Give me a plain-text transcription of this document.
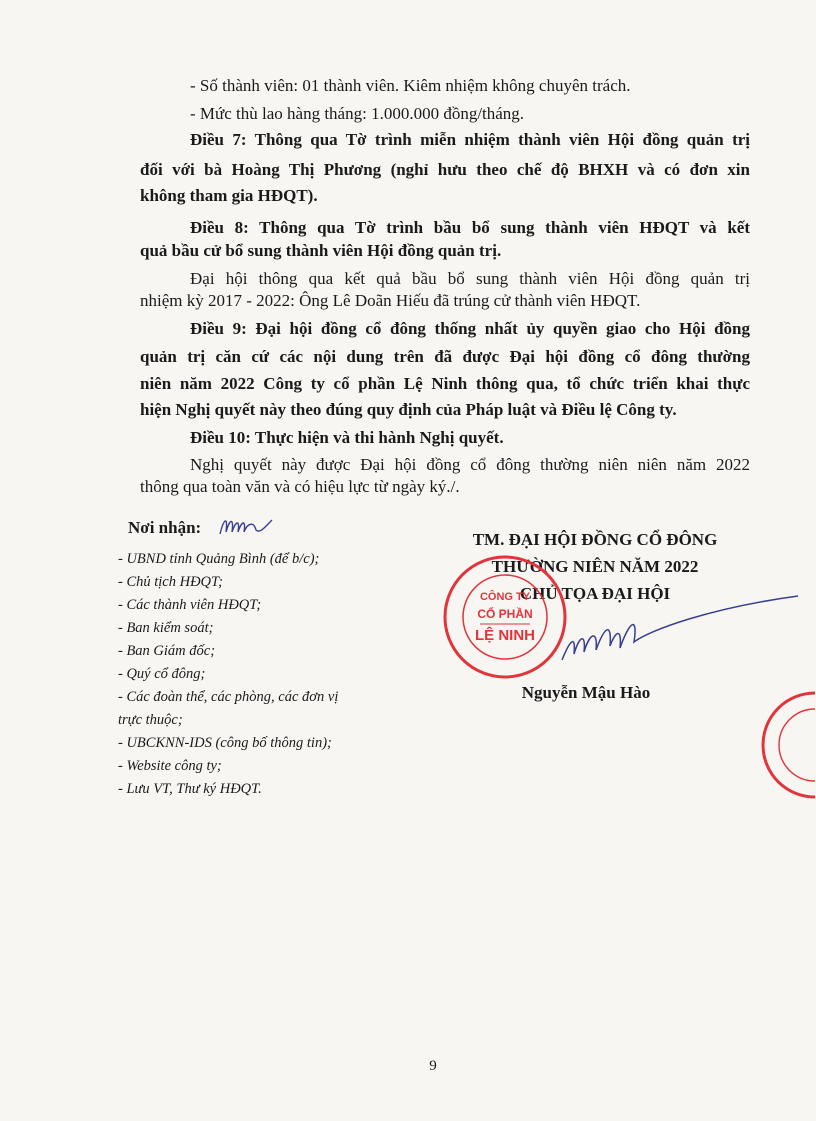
- Số thành viên: 01 thành viên. Kiêm nhiệm không chuyên trách.
- Mức thù lao hàng tháng: 1.000.000 đồng/tháng.
Điều 7: Thông qua Tờ trình miễn nhiệm thành viên Hội đồng quản trị
đối với bà Hoàng Thị Phương (nghỉ hưu theo chế độ BHXH và có đơn xin
không tham gia HĐQT).
Điều 8: Thông qua Tờ trình bầu bổ sung thành viên HĐQT và kết
quả bầu cử bổ sung thành viên Hội đồng quản trị.
Đại hội thông qua kết quả bầu bổ sung thành viên Hội đồng quản trị
nhiệm kỳ 2017 - 2022: Ông Lê Doãn Hiếu đã trúng cử thành viên HĐQT.
Điều 9: Đại hội đồng cổ đông thống nhất ủy quyền giao cho Hội đồng
quản trị căn cứ các nội dung trên đã được Đại hội đồng cổ đông thường
niên năm 2022 Công ty cổ phần Lệ Ninh thông qua, tổ chức triển khai thực
hiện Nghị quyết này theo đúng quy định của Pháp luật và Điều lệ Công ty.
Điều 10: Thực hiện và thi hành Nghị quyết.
Nghị quyết này được Đại hội đồng cổ đông thường niên niên năm 2022
thông qua toàn văn và có hiệu lực từ ngày ký./.
Nơi nhận:
- UBND tỉnh Quảng Bình (để b/c);
- Chủ tịch HĐQT;
- Các thành viên HĐQT;
- Ban kiểm soát;
- Ban Giám đốc;
- Quý cổ đông;
- Các đoàn thể, các phòng, các đơn vị
trực thuộc;
- UBCKNN-IDS (công bố thông tin);
- Website công ty;
- Lưu VT, Thư ký HĐQT.
TM. ĐẠI HỘI ĐỒNG CỔ ĐÔNG
THƯỜNG NIÊN NĂM 2022
CHỦ TỌA ĐẠI HỘI
CÔNG TY
CỔ PHẦN
LỆ NINH
Nguyễn Mậu Hào
9
